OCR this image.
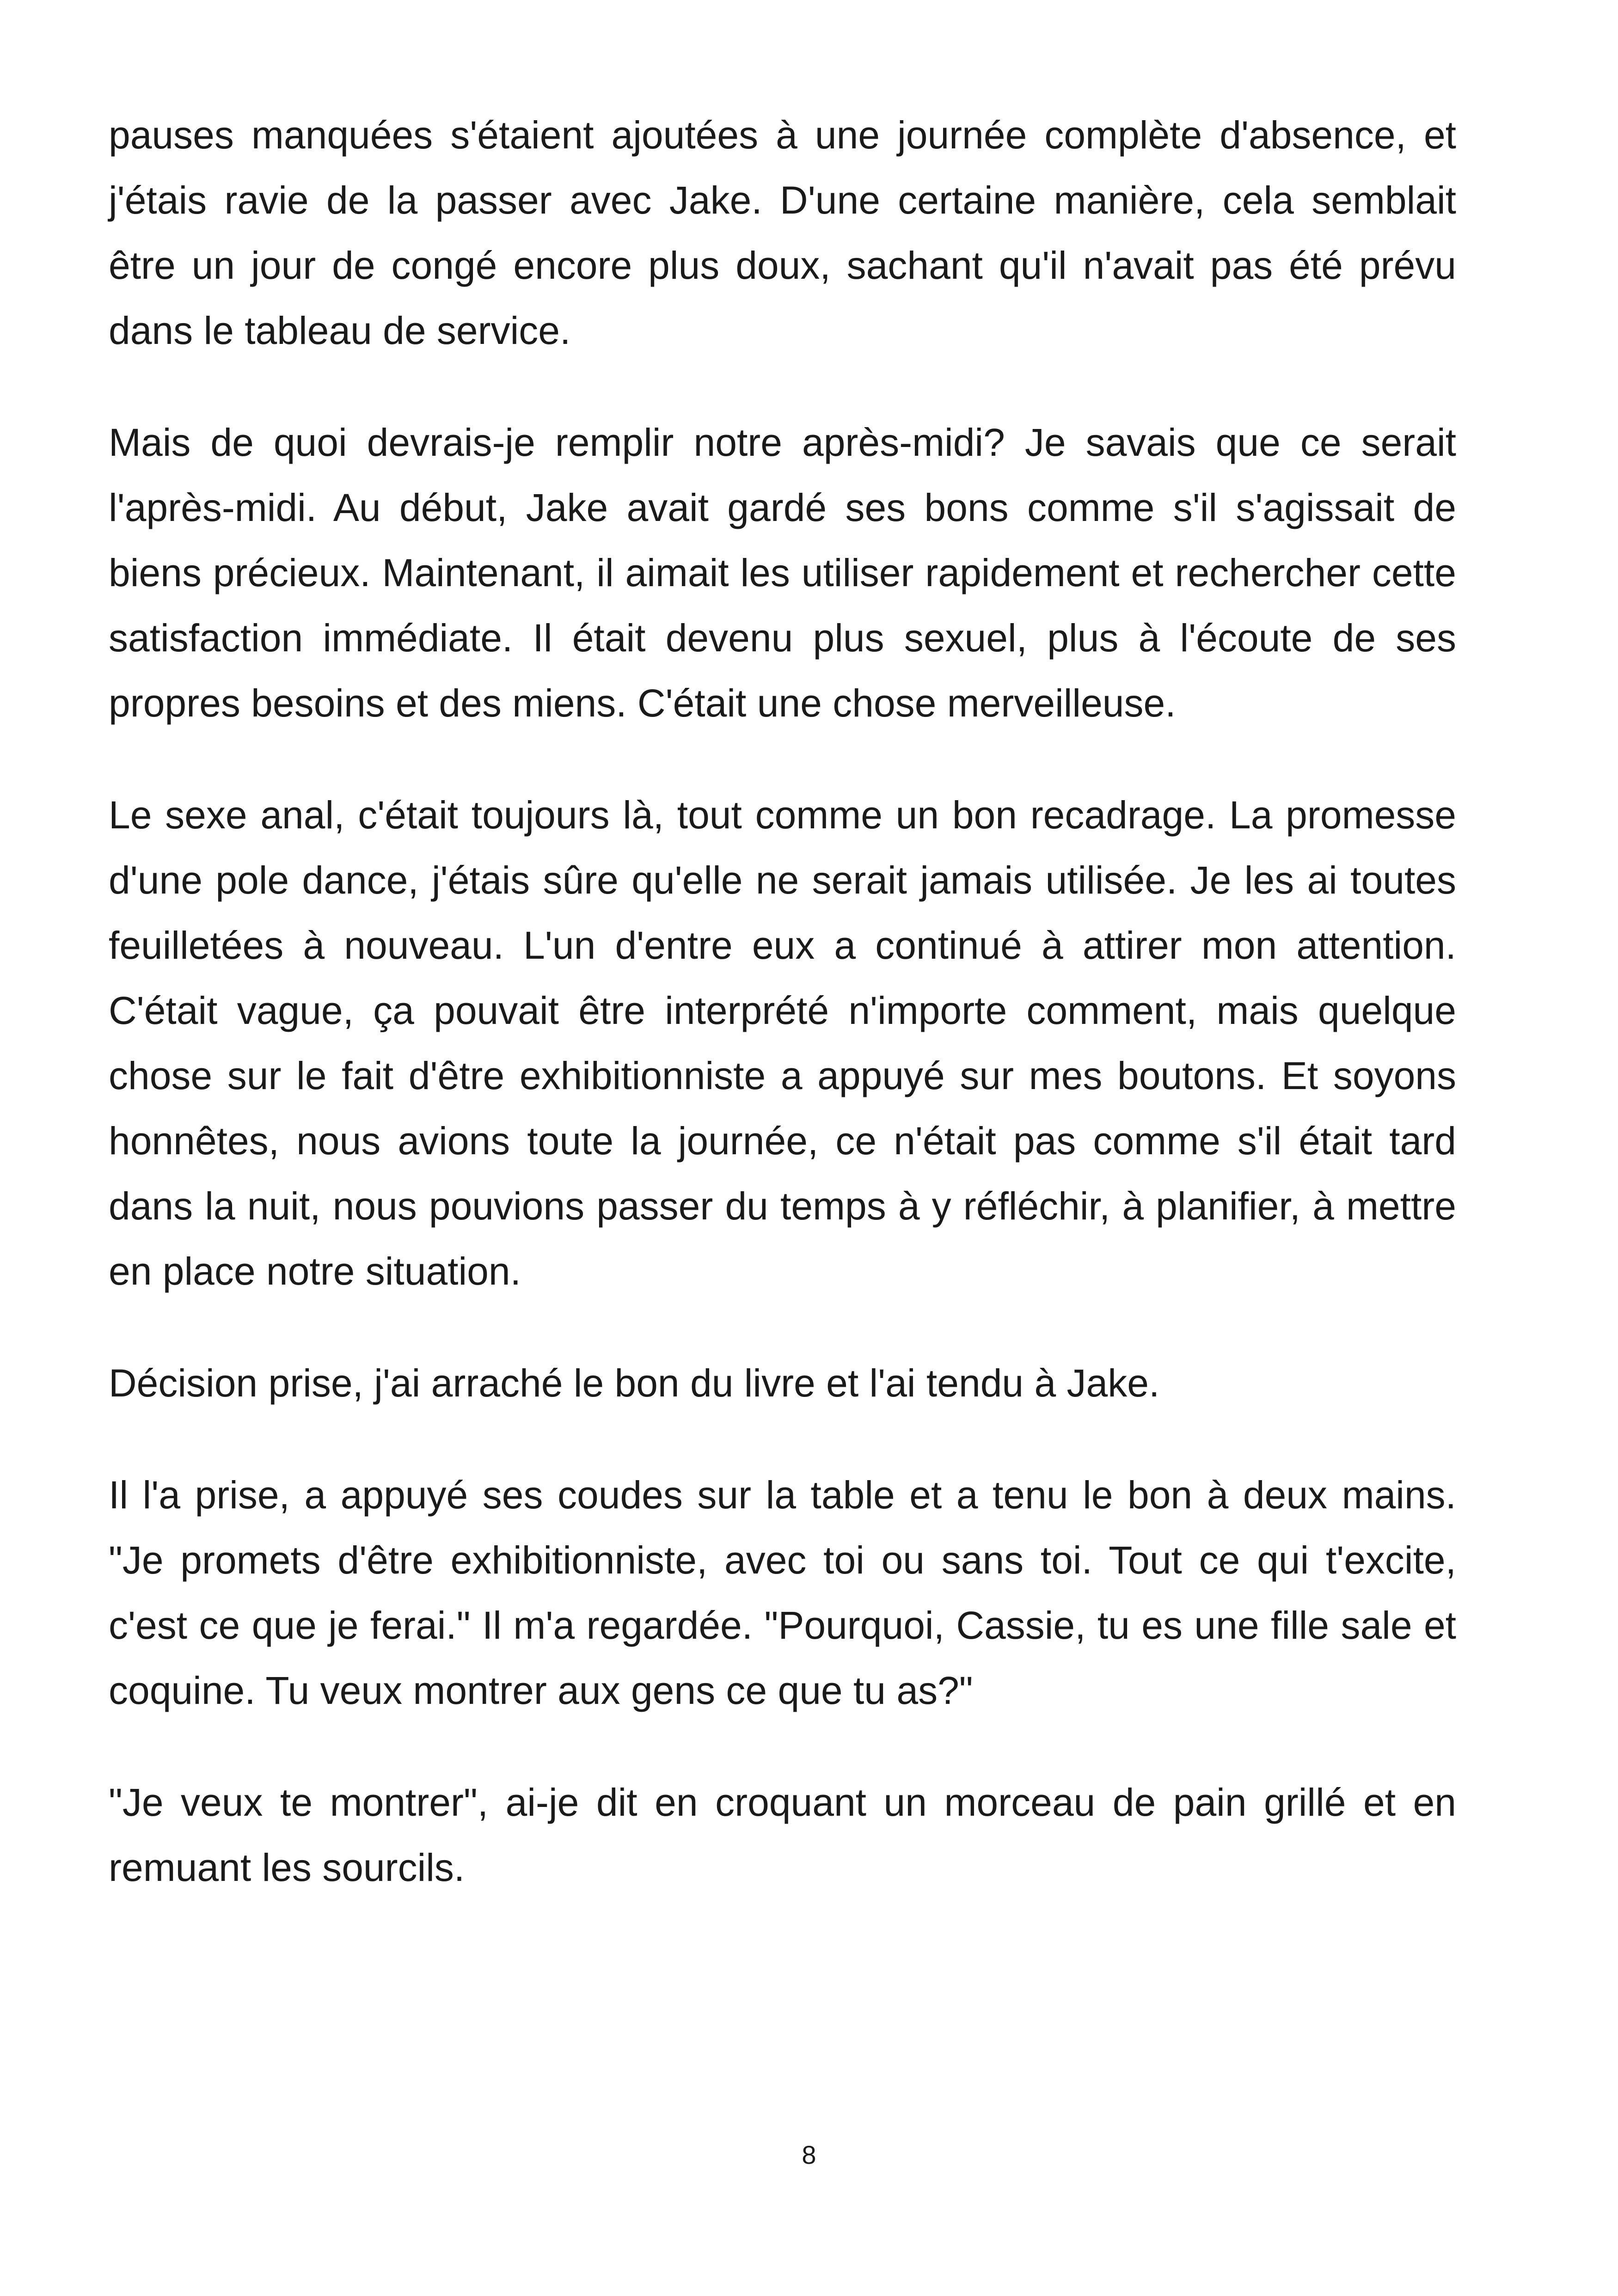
pauses manquées s'étaient ajoutées à une journée complète d'absence, et j'étais ravie de la passer avec Jake. D'une certaine manière, cela semblait être un jour de congé encore plus doux, sachant qu'il n'avait pas été prévu dans le tableau de service.

Mais de quoi devrais-je remplir notre après-midi? Je savais que ce serait l'après-midi. Au début, Jake avait gardé ses bons comme s'il s'agissait de biens précieux. Maintenant, il aimait les utiliser rapidement et rechercher cette satisfaction immédiate. Il était devenu plus sexuel, plus à l'écoute de ses propres besoins et des miens. C'était une chose merveilleuse.

Le sexe anal, c'était toujours là, tout comme un bon recadrage. La promesse d'une pole dance, j'étais sûre qu'elle ne serait jamais utilisée. Je les ai toutes feuilletées à nouveau. L'un d'entre eux a continué à attirer mon attention. C'était vague, ça pouvait être interprété n'importe comment, mais quelque chose sur le fait d'être exhibitionniste a appuyé sur mes boutons. Et soyons honnêtes, nous avions toute la journée, ce n'était pas comme s'il était tard dans la nuit, nous pouvions passer du temps à y réfléchir, à planifier, à mettre en place notre situation.

Décision prise, j'ai arraché le bon du livre et l'ai tendu à Jake.

Il l'a prise, a appuyé ses coudes sur la table et a tenu le bon à deux mains. "Je promets d'être exhibitionniste, avec toi ou sans toi. Tout ce qui t'excite, c'est ce que je ferai." Il m'a regardée. "Pourquoi, Cassie, tu es une fille sale et coquine. Tu veux montrer aux gens ce que tu as?"

"Je veux te montrer", ai-je dit en croquant un morceau de pain grillé et en remuant les sourcils.

8
